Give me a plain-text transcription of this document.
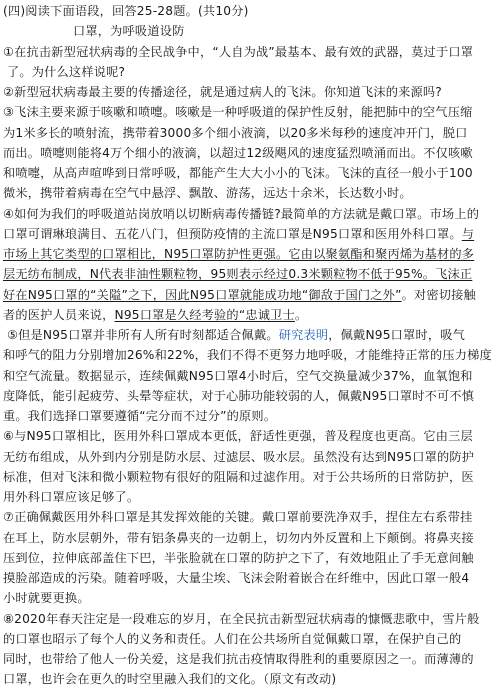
(四)阅读下面语段，回答25-28题。(共10分)
口罩，为呼吸道设防
①在抗击新型冠状病毒的全民战争中，“人自为战”最基本、最有效的武器，莫过于口罩
了。为什么这样说呢?
②新型冠状病毒最主要的传播途径，就是通过病人的飞沫。你知道飞沫的来源吗?
③飞沫主要来源于咳嗽和喷嚏。咳嗽是一种呼吸道的保护性反射，能把肺中的空气压缩
为1米多长的喷射流，携带着3000多个细小液滴，以20多米每秒的速度冲开门，脱口
而出。喷嚏则能将4万个细小的液滴，以超过12级飓风的速度猛烈喷涌而出。不仅咳嗽
和喷嚏，从高声喧哗到日常呼吸，都能产生大大小小的飞沫。飞沫的直径一般小于100
微米，携带着病毒在空气中悬浮、飘散、游荡，远达十余米，长达数小时。
④如何为我们的呼吸道站岗放哨以切断病毒传播链?最简单的方法就是戴口罩。市场上的
口罩可谓琳琅满目、五花八门，但预防疫情的主流口罩是N95口罩和医用外科口罩。与
市场上其它类型的口罩相比，N95口罩防护性更强。它由以聚氨酯和聚丙烯为基材的多
层无纺布制成，N代表非油性颗粒物，95则表示经过0.3米颗粒物不低于95%。飞沫正
好在N95口罩的“关隘”之下，因此N95口罩就能成功地“御敌于国门之外”。对密切接触
者的医护人员来说，N95口罩是久经考验的“忠诚卫士。
⑤但是N95口罩并非所有人所有时刻都适合佩戴。研究表明，佩戴N95口罩时，吸气
和呼气的阻力分别增加26%和22%，我们不得不更努力地呼吸，才能维持正常的压力梯度
和空气流量。数据显示，连续佩戴N95口罩4小时后，空气交换量减少37%，血氧饱和
度降低，能引起疲劳、头晕等症状，对于心肺功能较弱的人，佩戴N95口罩时不可不慎
重。我们选择口罩要遵循“完分而不过分”的原则。
⑥与N95口罩相比，医用外科口罩成本更低，舒适性更强，普及程度也更高。它由三层
无纺布组成，从外到内分别是防水层、过滤层、吸水层。虽然没有达到N95口罩的防护
标准，但对飞沫和微小颗粒物有很好的阻隔和过滤作用。对于公共场所的日常防护，医
用外科口罩应该足够了。
⑦正确佩戴医用外科口罩是其发挥效能的关键。戴口罩前要洗净双手，捏住左右系带挂
在耳上，防水层朝外，带有铝条鼻夹的一边朝上，切勿内外反置和上下颠倒。将鼻夹接
压到位，拉伸底部盖住下巴，半张脸就在口罩的防护之下了，有效地阻止了手无意间触
摸脸部造成的污染。随着呼吸，大量尘埃、飞沫会附着嵌合在纤维中，因此口罩一般4
小时就要更换。
⑧2020年春天注定是一段难忘的岁月，在全民抗击新型冠状病毒的慷慨悲歌中，雪片般
的口罩也昭示了每个人的义务和责任。人们在公共场所自觉佩戴口罩，在保护自己的
同时，也带给了他人一份关爱，这是我们抗击疫情取得胜利的重要原因之一。而薄薄的
口罩，也许会在更久的时空里融入我们的文化。（原文有改动)
